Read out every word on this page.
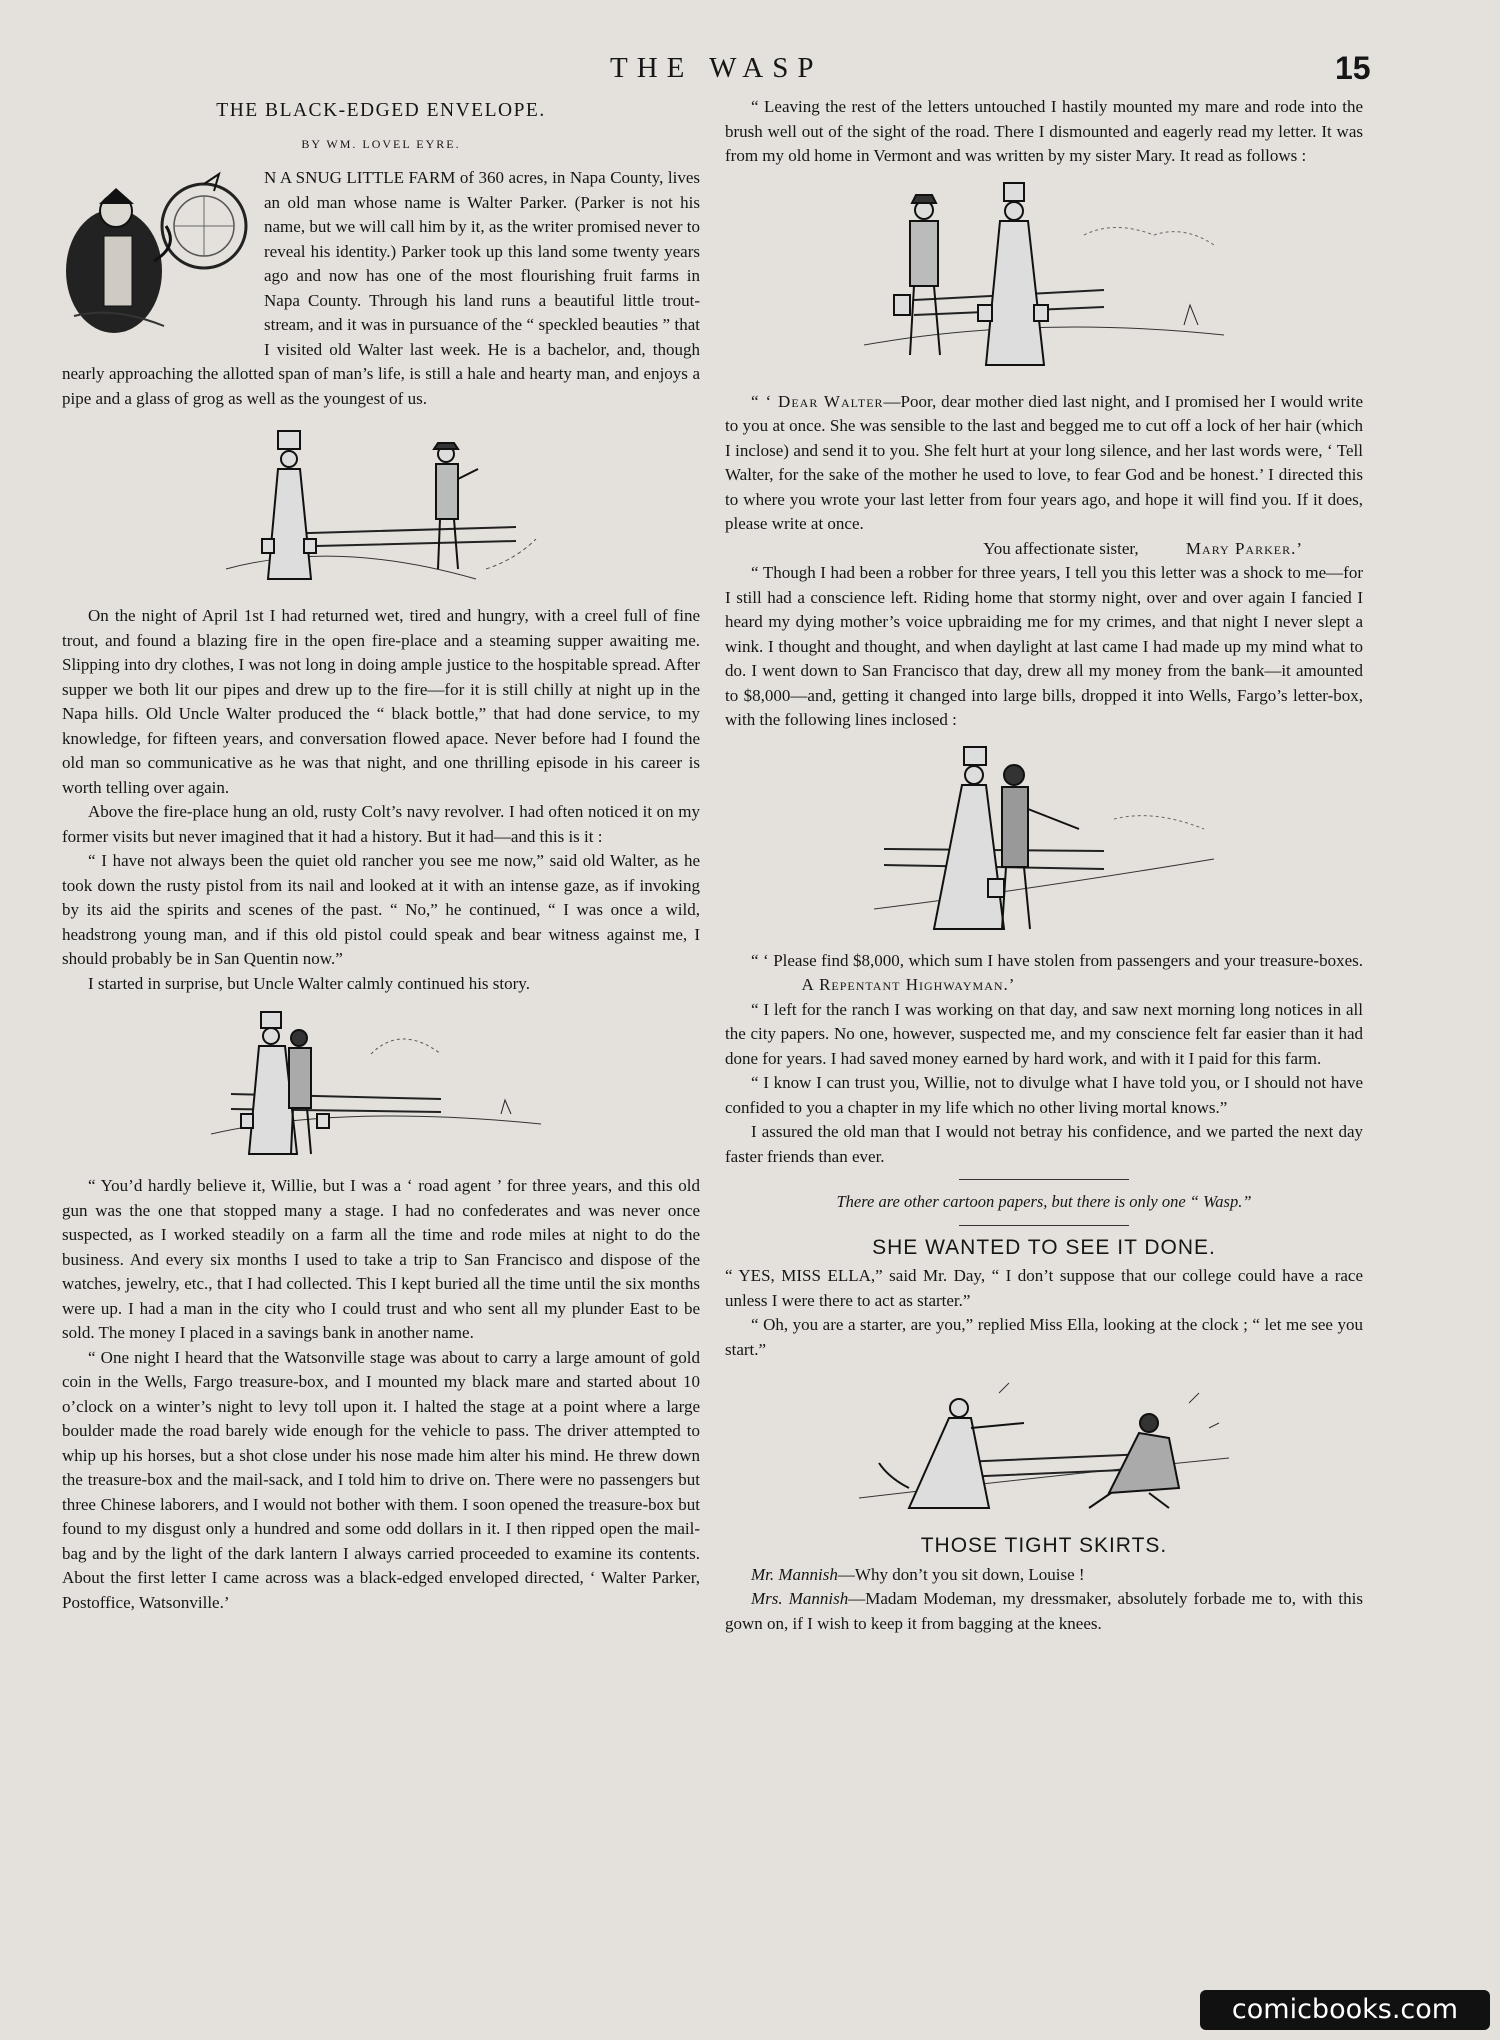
THE WASP	15
THE BLACK-EDGED ENVELOPE.
BY WM. LOVEL EYRE.

N A SNUG LITTLE FARM of 360 acres, in Napa County, lives an old man whose name is Walter Parker. (Parker is not his name, but we will call him by it, as the writer promised never to reveal his identity.) Parker took up this land some twenty years ago and now has one of the most flourishing fruit farms in Napa County. Through his land runs a beautiful little trout-stream, and it was in pursuance of the “ speckled beauties ” that I visited old Walter last week. He is a bachelor, and, though nearly approaching the allotted span of man’s life, is still a hale and hearty man, and enjoys a pipe and a glass of grog as well as the youngest of us.

On the night of April 1st I had returned wet, tired and hungry, with a creel full of fine trout, and found a blazing fire in the open fire-place and a steaming supper awaiting me. Slipping into dry clothes, I was not long in doing ample justice to the hospitable spread. After supper we both lit our pipes and drew up to the fire—for it is still chilly at night up in the Napa hills. Old Uncle Walter produced the “ black bottle,” that had done service, to my knowledge, for fifteen years, and conversation flowed apace. Never before had I found the old man so communicative as he was that night, and one thrilling episode in his career is worth telling over again.

Above the fire-place hung an old, rusty Colt’s navy revolver. I had often noticed it on my former visits but never imagined that it had a history. But it had—and this is it :

“ I have not always been the quiet old rancher you see me now,” said old Walter, as he took down the rusty pistol from its nail and looked at it with an intense gaze, as if invoking by its aid the spirits and scenes of the past. “ No,” he continued, “ I was once a wild, headstrong young man, and if this old pistol could speak and bear witness against me, I should probably be in San Quentin now.”

I started in surprise, but Uncle Walter calmly continued his story.

“ You’d hardly believe it, Willie, but I was a ‘ road agent ’ for three years, and this old gun was the one that stopped many a stage. I had no confederates and was never once suspected, as I worked steadily on a farm all the time and rode miles at night to do the business. And every six months I used to take a trip to San Francisco and dispose of the watches, jewelry, etc., that I had collected. This I kept buried all the time until the six months were up. I had a man in the city who I could trust and who sent all my plunder East to be sold. The money I placed in a savings bank in another name.

“ One night I heard that the Watsonville stage was about to carry a large amount of gold coin in the Wells, Fargo treasure-box, and I mounted my black mare and started about 10 o’clock on a winter’s night to levy toll upon it. I halted the stage at a point where a large boulder made the road barely wide enough for the vehicle to pass. The driver attempted to whip up his horses, but a shot close under his nose made him alter his mind. He threw down the treasure-box and the mail-sack, and I told him to drive on. There were no passengers but three Chinese laborers, and I would not bother with them. I soon opened the treasure-box but found to my disgust only a hundred and some odd dollars in it. I then ripped open the mail-bag and by the light of the dark lantern I always carried proceeded to examine its contents. About the first letter I came across was a black-edged enveloped directed, ‘ Walter Parker, Postoffice, Watsonville.’

“ Leaving the rest of the letters untouched I hastily mounted my mare and rode into the brush well out of the sight of the road. There I dismounted and eagerly read my letter. It was from my old home in Vermont and was written by my sister Mary. It read as follows :

“ ‘ Dear Walter—Poor, dear mother died last night, and I promised her I would write to you at once. She was sensible to the last and begged me to cut off a lock of her hair (which I inclose) and send it to you. She felt hurt at your long silence, and her last words were, ‘ Tell Walter, for the sake of the mother he used to love, to fear God and be honest.’ I directed this to where you wrote your last letter from four years ago, and hope it will find you. If it does, please write at once.

You affectionate sister,	Mary Parker.’

“ Though I had been a robber for three years, I tell you this letter was a shock to me—for I still had a conscience left. Riding home that stormy night, over and over again I fancied I heard my dying mother’s voice upbraiding me for my crimes, and that night I never slept a wink. I thought and thought, and when daylight at last came I had made up my mind what to do. I went down to San Francisco that day, drew all my money from the bank—it amounted to $8,000—and, getting it changed into large bills, dropped it into Wells, Fargo’s letter-box, with the following lines inclosed :

“ ‘ Please find $8,000, which sum I have stolen from passengers and your treasure-boxes.                   A Repentant Highwayman.’

“ I left for the ranch I was working on that day, and saw next morning long notices in all the city papers. No one, however, suspected me, and my conscience felt far easier than it had done for years. I had saved money earned by hard work, and with it I paid for this farm.

“ I know I can trust you, Willie, not to divulge what I have told you, or I should not have confided to you a chapter in my life which no other living mortal knows.”

I assured the old man that I would not betray his confidence, and we parted the next day faster friends than ever.

There are other cartoon papers, but there is only one “ Wasp.”
SHE WANTED TO SEE IT DONE.

“ YES, MISS ELLA,” said Mr. Day, “ I don’t suppose that our college could have a race unless I were there to act as starter.”

“ Oh, you are a starter, are you,” replied Miss Ella, looking at the clock ; “ let me see you start.”

THOSE TIGHT SKIRTS.

Mr. Mannish—Why don’t you sit down, Louise !

Mrs. Mannish—Madam Modeman, my dressmaker, absolutely forbade me to, with this gown on, if I wish to keep it from bagging at the knees.

comicbooks.com
